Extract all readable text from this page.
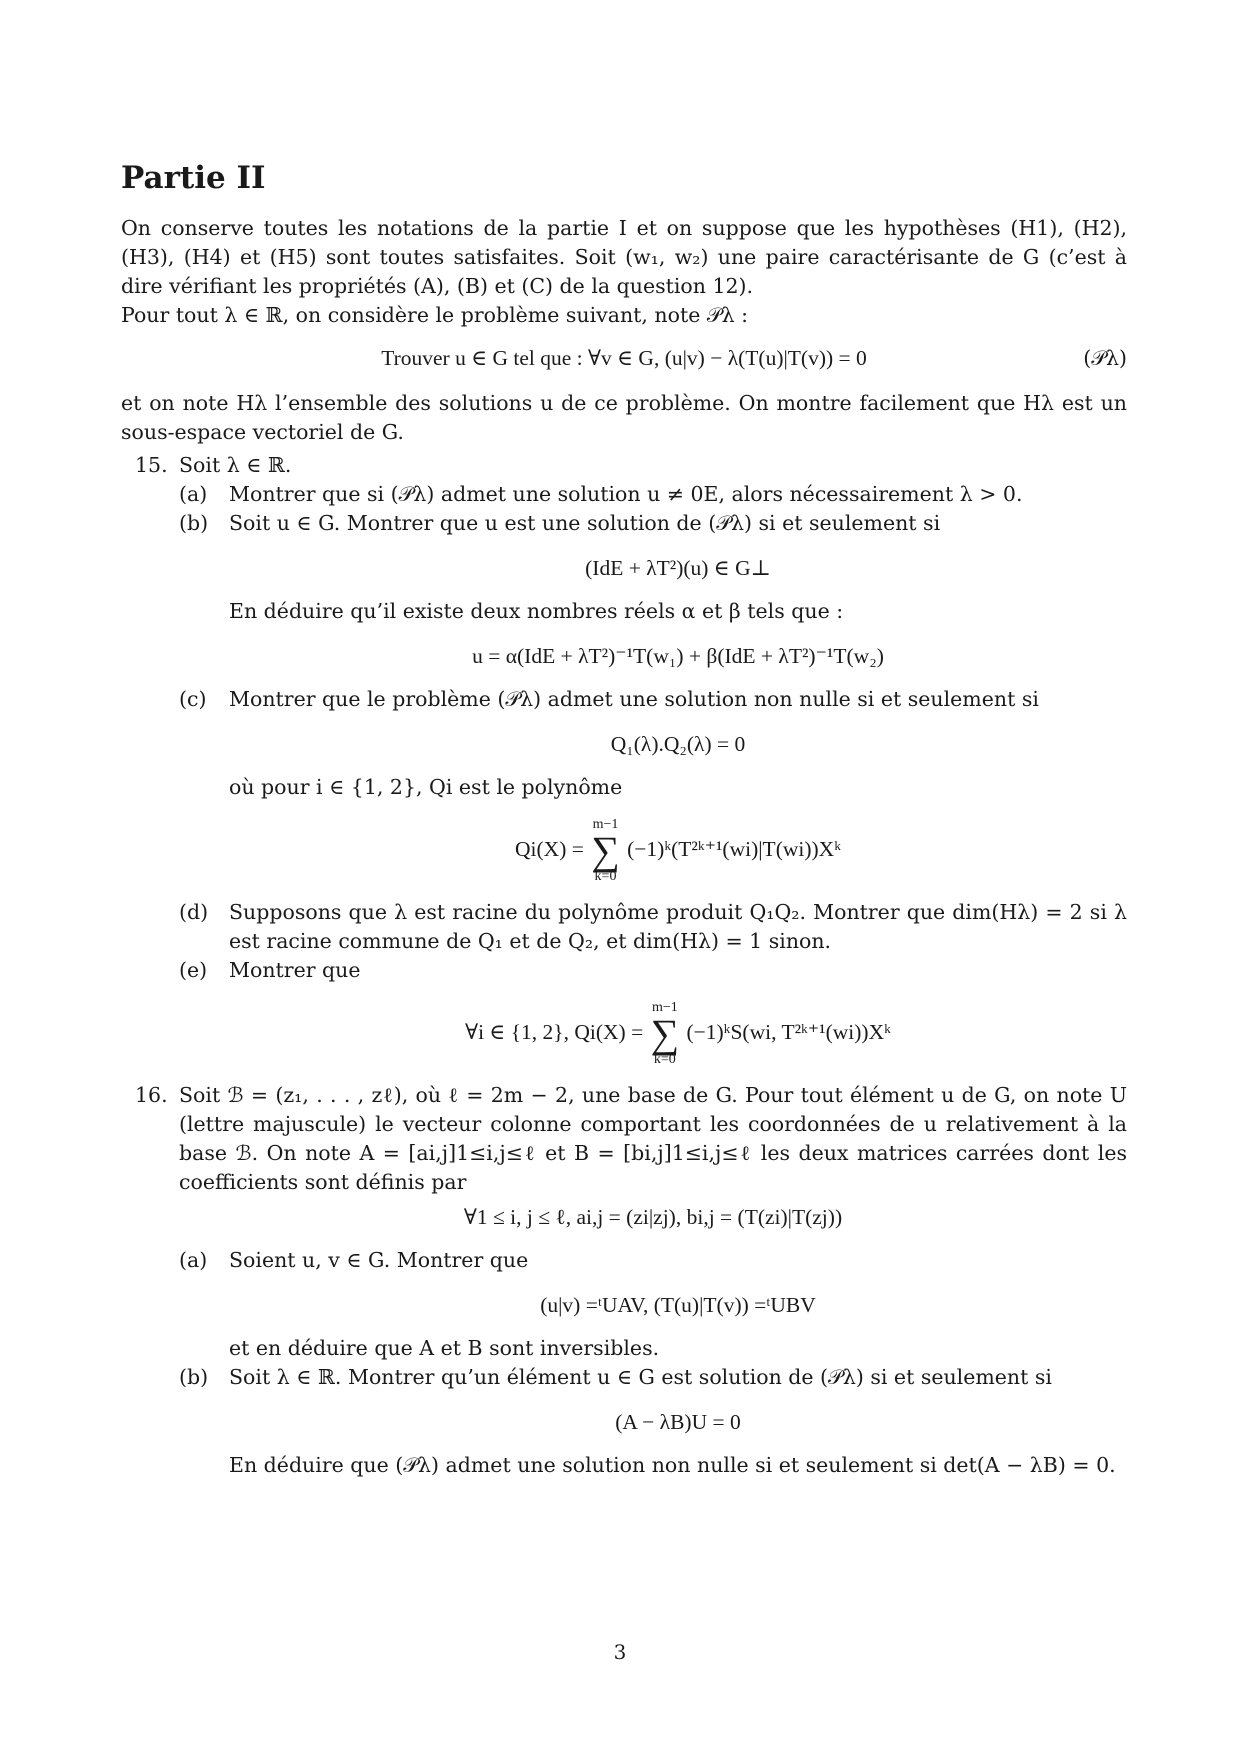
Partie II

On conserve toutes les notations de la partie I et on suppose que les hypothèses (H1), (H2), (H3), (H4) et (H5) sont toutes satisfaites. Soit (w₁, w₂) une paire caractérisante de G (c’est à dire vérifiant les propriétés (A), (B) et (C) de la question 12).

Pour tout λ ∈ ℝ, on considère le problème suivant, note 𝒫λ :

Trouver u ∈ G tel que : ∀v ∈ G, (u|v) − λ(T(u)|T(v)) = 0	(𝒫λ)

et on note Hλ l’ensemble des solutions u de ce problème. On montre facilement que Hλ est un sous-espace vectoriel de G.

15. Soit λ ∈ ℝ.

(a) Montrer que si (𝒫λ) admet une solution u ≠ 0E, alors nécessairement λ > 0.

(b) Soit u ∈ G. Montrer que u est une solution de (𝒫λ) si et seulement si

(IdE + λT²)(u) ∈ G⊥

En déduire qu’il existe deux nombres réels α et β tels que :

u = α(IdE + λT²)⁻¹T(w₁) + β(IdE + λT²)⁻¹T(w₂)
(c) Montrer que le problème (𝒫λ) admet une solution non nulle si et seulement si

Q₁(λ).Q₂(λ) = 0

où pour i ∈ {1, 2}, Qi est le polynôme

Qi(X) =
m−1
∑
k=0
(−1)ᵏ(T²ᵏ⁺¹(wi)|T(wi))Xᵏ
(d) Supposons que λ est racine du polynôme produit Q₁Q₂. Montrer que dim(Hλ) = 2 si λ est racine commune de Q₁ et de Q₂, et dim(Hλ) = 1 sinon.

(e) Montrer que

∀i ∈ {1, 2}, Qi(X) =
m−1
∑
k=0
(−1)ᵏS(wi, T²ᵏ⁺¹(wi))Xᵏ
16. Soit ℬ = (z₁, . . . , zℓ), où ℓ = 2m − 2, une base de G. Pour tout élément u de G, on note U (lettre majuscule) le vecteur colonne comportant les coordonnées de u relativement à la base ℬ. On note A = [ai,j]1≤i,j≤ℓ et B = [bi,j]1≤i,j≤ℓ les deux matrices carrées dont les coefficients sont définis par

∀1 ≤ i, j ≤ ℓ, ai,j = (zi|zj), bi,j = (T(zi)|T(zj))
(a) Soient u, v ∈ G. Montrer que

(u|v) =ᵗUAV, (T(u)|T(v)) =ᵗUBV

et en déduire que A et B sont inversibles.

(b) Soit λ ∈ ℝ. Montrer qu’un élément u ∈ G est solution de (𝒫λ) si et seulement si

(A − λB)U = 0

En déduire que (𝒫λ) admet une solution non nulle si et seulement si det(A − λB) = 0.

3
